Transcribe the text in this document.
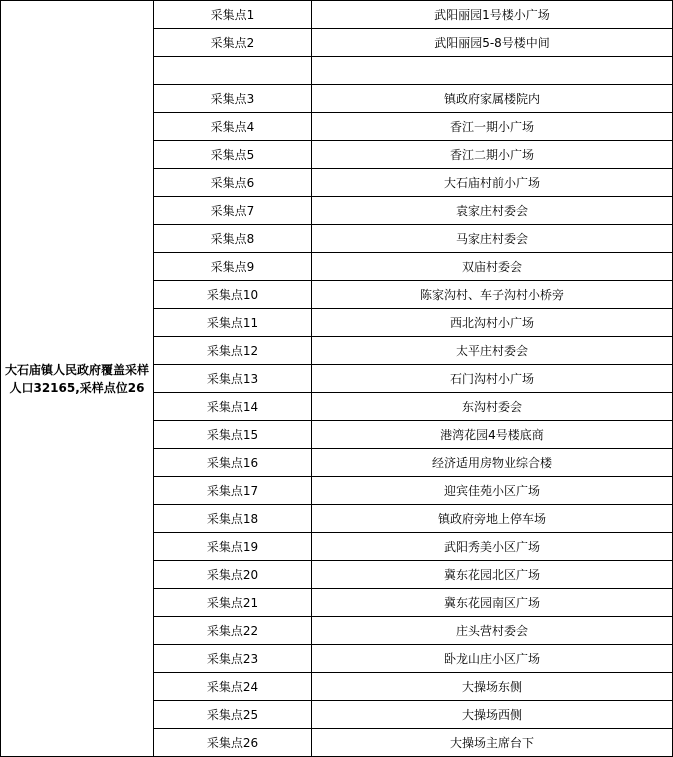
大石庙镇人民政府覆盖采样人口32165,采样点位26	采集点1	武阳丽园1号楼小广场
	采集点2	武阳丽园5-8号楼中间

	采集点3	镇政府家属楼院内
	采集点4	香江一期小广场
	采集点5	香江二期小广场
	采集点6	大石庙村前小广场
	采集点7	袁家庄村委会
	采集点8	马家庄村委会
	采集点9	双庙村委会
	采集点10	陈家沟村、车子沟村小桥旁
	采集点11	西北沟村小广场
	采集点12	太平庄村委会
	采集点13	石门沟村小广场
	采集点14	东沟村委会
	采集点15	港湾花园4号楼底商
	采集点16	经济适用房物业综合楼
	采集点17	迎宾佳苑小区广场
	采集点18	镇政府旁地上停车场
	采集点19	武阳秀美小区广场
	采集点20	冀东花园北区广场
	采集点21	冀东花园南区广场
	采集点22	庄头营村委会
	采集点23	卧龙山庄小区广场
	采集点24	大操场东侧
	采集点25	大操场西侧
	采集点26	大操场主席台下
